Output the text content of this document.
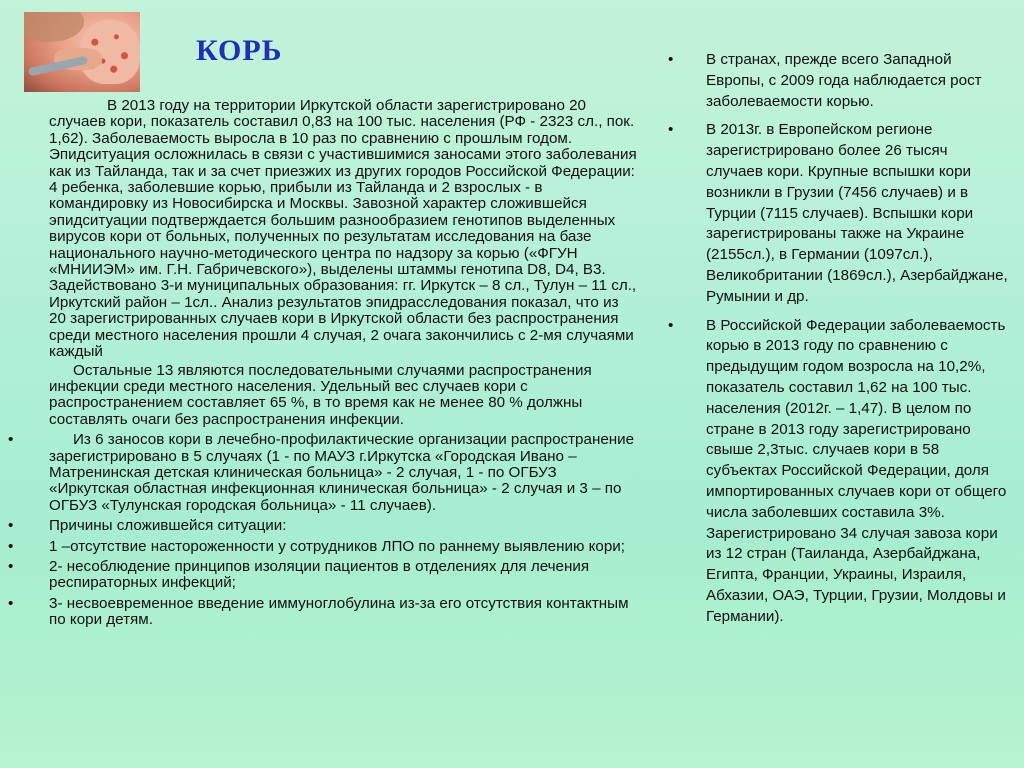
КОРЬ

В 2013 году на территории Иркутской области зарегистрировано 20 случаев кори, показатель составил 0,83 на 100 тыс. населения (РФ - 2323 сл., пок. 1,62). Заболеваемость выросла в 10 раз по сравнению с прошлым годом. Эпидситуация осложнилась в связи с участившимися заносами этого заболевания как из Тайланда, так и за счет приезжих из других городов Российской Федерации: 4 ребенка, заболевшие корью, прибыли из Тайланда и 2 взрослых - в командировку из Новосибирска и Москвы. Завозной характер сложившейся эпидситуации подтверждается большим разнообразием генотипов выделенных вирусов кори от больных, полученных по результатам исследования на базе национального научно-методического центра по надзору за корью («ФГУН «МНИИЭМ» им. Г.Н. Габричевского»), выделены штаммы генотипа D8, D4, B3. Задействовано 3-и муниципальных образования: гг. Иркутск – 8 сл., Тулун – 11 сл., Иркутский район – 1сл.. Анализ результатов эпидрасследования показал, что из 20 зарегистрированных случаев кори в Иркутской области без распространения среди местного населения прошли 4 случая, 2 очага закончились с 2-мя случаями каждый

Остальные 13 являются последовательными случаями распространения инфекции среди местного населения. Удельный вес случаев кори с распространением составляет 65 %, в то время как не менее 80 % должны составлять очаги без распространения инфекции.

•	Из 6 заносов кори в лечебно-профилактические организации распространение зарегистрировано в 5 случаях (1 - по МАУЗ г.Иркутска «Городская Ивано – Матренинская детская клиническая больница» - 2 случая, 1 - по ОГБУЗ «Иркутская областная инфекционная клиническая больница» - 2 случая и 3 – по ОГБУЗ «Тулунская городская больница» - 11 случаев).
• Причины сложившейся ситуации:
• 1 –отсутствие настороженности у сотрудников ЛПО по раннему выявлению кори;
• 2- несоблюдение принципов изоляции пациентов в отделениях для лечения респираторных инфекций;
• 3- несвоевременное введение иммуноглобулина из-за его отсутствия контактным по кори детям.
• В странах, прежде всего Западной Европы, с 2009 года наблюдается рост заболеваемости корью.
• В 2013г. в Европейском регионе зарегистрировано более 26 тысяч случаев кори. Крупные вспышки кори возникли в Грузии (7456 случаев) и в Турции (7115 случаев). Вспышки кори зарегистрированы также на Украине (2155сл.), в Германии (1097сл.), Великобритании (1869сл.), Азербайджане, Румынии и др.
• В Российской Федерации заболеваемость корью в 2013 году по сравнению с предыдущим годом возросла на 10,2%, показатель составил 1,62 на 100 тыс. населения (2012г. – 1,47). В целом по стране в 2013 году зарегистрировано свыше 2,3тыс. случаев кори в 58 субъектах Российской Федерации, доля импортированных случаев кори от общего числа заболевших составила 3%. Зарегистрировано 34 случая завоза кори из 12 стран (Таиланда, Азербайджана, Египта, Франции, Украины, Израиля, Абхазии, ОАЭ, Турции, Грузии, Молдовы и Германии).
